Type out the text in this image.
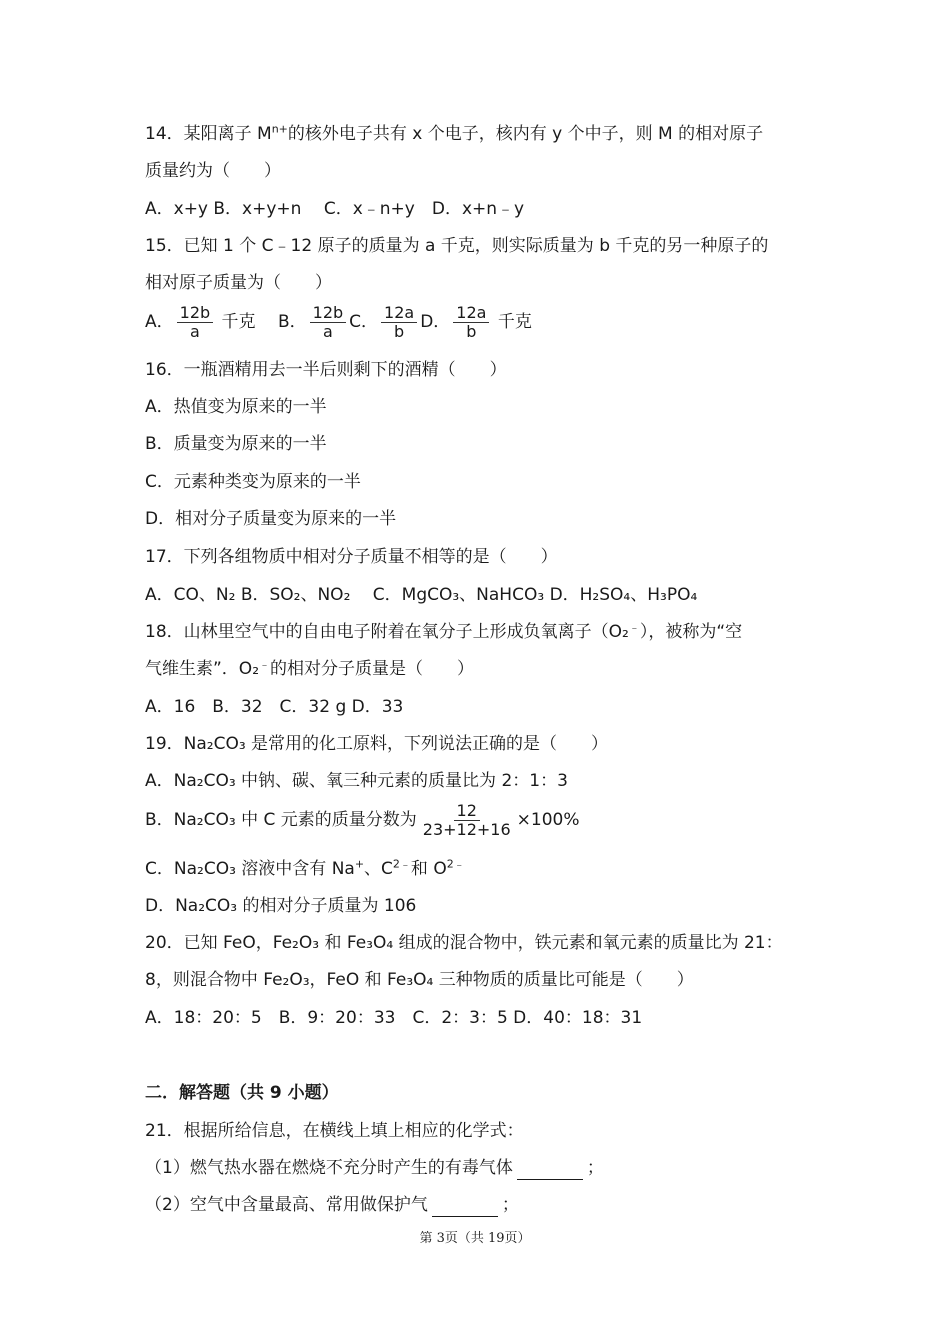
14．某阳离子 $M^{n+}$的核外电子共有 x 个电子，核内有 y 个中子，则 M 的相对原子
质量约为（　　）
A．x+y B．x+y+n　 C．x﹣n+y　D．x+n﹣y
15．已知 1 个 C﹣12 原子的质量为 a 千克，则实际质量为 b 千克的另一种原子的
相对原子质量为（　　）
A． $\frac{12b}{a}$ 千克　 B． $\frac{12b}{a}$ C． $\frac{12a}{b}$ D． $\frac{12a}{b}$ 千克
16．一瓶酒精用去一半后则剩下的酒精（　　）
A．热值变为原来的一半
B．质量变为原来的一半
C．元素种类变为原来的一半
D．相对分子质量变为原来的一半
17．下列各组物质中相对分子质量不相等的是（　　）
A．CO、N₂ B．SO₂、NO₂　 C．MgCO₃、NaHCO₃ D．H₂SO₄、H₃PO₄
18．山林里空气中的自由电子附着在氧分子上形成负氧离子（O₂﹣），被称为“空
气维生素”．O₂﹣的相对分子质量是（　　）
A．16　B．32　C．32 g D．33
19．Na₂CO₃ 是常用的化工原料，下列说法正确的是（　　）
A．Na₂CO₃ 中钠、碳、氧三种元素的质量比为 2：1：3
B．Na₂CO₃ 中 C 元素的质量分数为 $\frac{12}{23+12+16} \times 100\%$
C．Na₂CO₃ 溶液中含有 Na+、$C^{2﹣}$和 $O^{2﹣}$
D．Na₂CO₃ 的相对分子质量为 106
20．已知 FeO，Fe₂O₃ 和 Fe₃O₄ 组成的混合物中，铁元素和氧元素的质量比为 21：
8，则混合物中 Fe₂O₃，FeO 和 Fe₃O₄ 三种物质的质量比可能是（　　）
A．18：20：5　B．9：20：33　C．2：3：5 D．40：18：31
二．解答题（共 9 小题）
21．根据所给信息，在横线上填上相应的化学式：
（1）燃气热水器在燃烧不充分时产生的有毒气体	；
（2）空气中含量最高、常用做保护气	；
第 3页（共 19页）
